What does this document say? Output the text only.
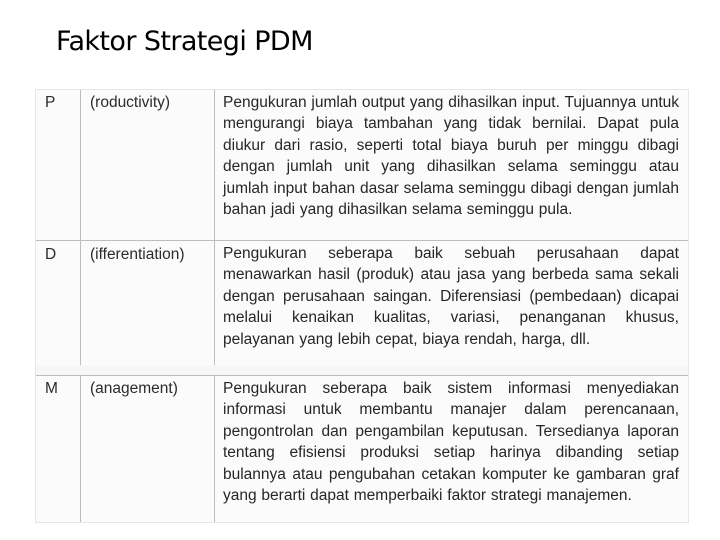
Faktor Strategi PDM
P (roductivity)	Pengukuran jumlah output yang dihasilkan input. Tujuannya untuk mengurangi biaya tambahan yang tidak bernilai. Dapat pula diukur dari rasio, seperti total biaya buruh per minggu dibagi dengan jumlah unit yang dihasilkan selama seminggu atau jumlah input bahan dasar selama seminggu dibagi dengan jumlah bahan jadi yang dihasilkan selama seminggu pula.
D (ifferentiation) Pengukuran seberapa baik sebuah perusahaan dapat menawarkan hasil (produk) atau jasa yang berbeda sama sekali dengan perusahaan saingan. Diferensiasi (pembedaan) dicapai melalui kenaikan kualitas, variasi, penanganan khusus, pelayanan yang lebih cepat, biaya rendah, harga, dll.
M (anagement)	Pengukuran seberapa baik sistem informasi menyediakan informasi untuk membantu manajer dalam perencanaan, pengontrolan dan pengambilan keputusan. Tersedianya laporan tentang efisiensi produksi setiap harinya dibanding setiap bulannya atau pengubahan cetakan komputer ke gambaran graf yang berarti dapat memperbaiki faktor strategi manajemen.
